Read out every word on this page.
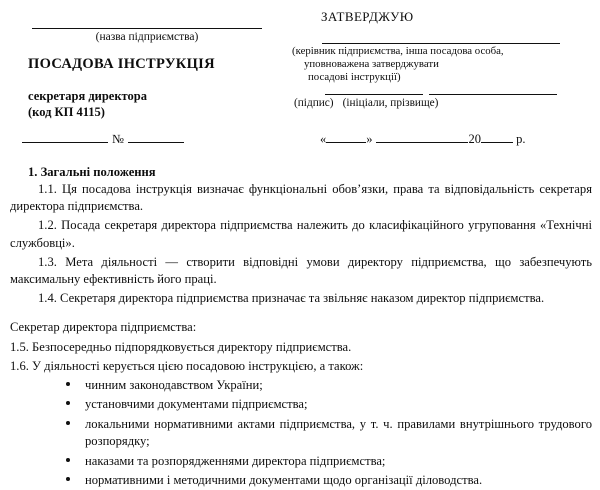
(назва підприємства)
ПОСАДОВА ІНСТРУКЦІЯ
секретаря директора
(код КП 4115)
№
ЗАТВЕРДЖУЮ
(керівник підприємства, інша посадова особа,
уповноважена затверджувати
посадові інструкції)
(підпис) (ініціали, прізвище)
«	»	20	р.
1. Загальні положення

1.1. Ця посадова інструкція визначає функціональні обов’язки, права та відповідальність секретаря директора підприємства.

1.2. Посада секретаря директора підприємства належить до класифікаційного угруповання «Технічні службовці».

1.3. Мета діяльності — створити відповідні умови директору підприємства, що забезпечують максимальну ефективність його праці.

1.4. Секретаря директора підприємства призначає та звільняє наказом директор підприємства.

Секретар директора підприємства:

1.5. Безпосередньо підпорядковується директору підприємства.

1.6. У діяльності керується цією посадовою інструкцією, а також:

чинним законодавством України;
установчими документами підприємства;
локальними нормативними актами підприємства, у т. ч. правилами внутрішнього трудового розпорядку;
наказами та розпорядженнями директора підприємства;
нормативними і методичними документами щодо організації діловодства.
